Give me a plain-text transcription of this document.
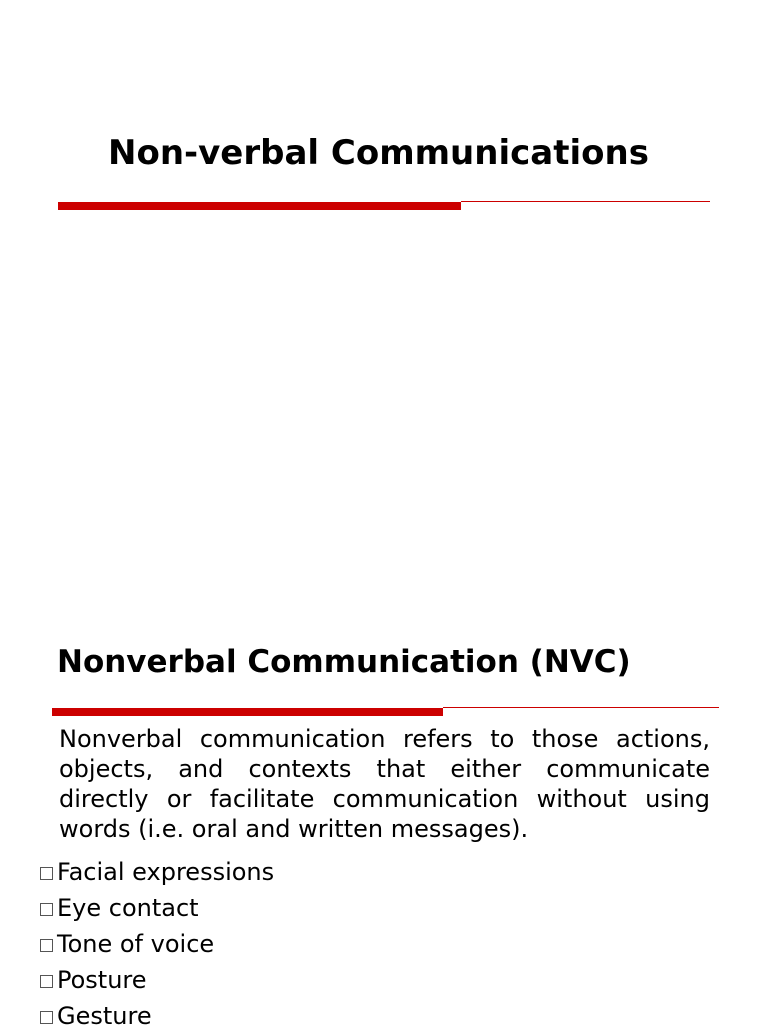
Non-verbal Communications
Nonverbal Communication (NVC)
Nonverbal communication refers to those actions, objects, and contexts that either communicate directly or facilitate communication without using words (i.e. oral and written messages).
Facial expressions
Eye contact
Tone of voice
Posture
Gesture
